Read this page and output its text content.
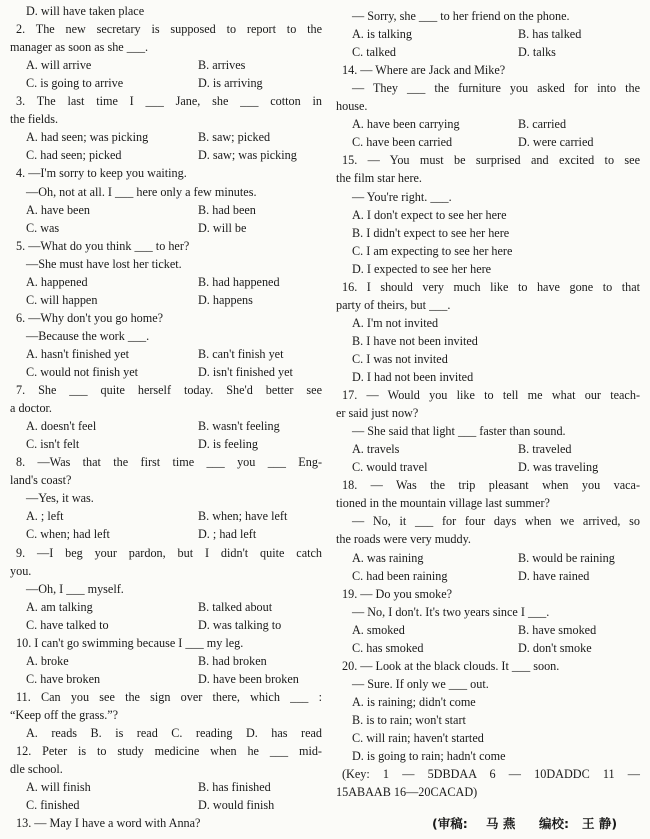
D. will have taken place
2. The new secretary is supposed to report to the
manager as soon as she ___.
A. will arrive	B. arrives
C. is going to arrive	D. is arriving
3. The last time I ___ Jane, she ___ cotton in
the fields.
A. had seen; was picking	B. saw; picked
C. had seen; picked	D. saw; was picking
4. —I'm sorry to keep you waiting.
—Oh, not at all. I ___ here only a few minutes.
A. have been	B. had been
C. was	D. will be
5. —What do you think ___ to her?
—She must have lost her ticket.
A. happened	B. had happened
C. will happen	D. happens
6. —Why don't you go home?
—Because the work ___.
A. hasn't finished yet	B. can't finish yet
C. would not finish yet	D. isn't finished yet
7. She ___ quite herself today. She'd better see
a doctor.
A. doesn't feel	B. wasn't feeling
C. isn't felt	D. is feeling
8. —Was that the first time ___ you ___ Eng-
land's coast?
—Yes, it was.
A. ; left	B. when; have left
C. when; had left	D. ; had left
9. —I beg your pardon, but I didn't quite catch
you.
—Oh, I ___ myself.
A. am talking	B. talked about
C. have talked to	D. was talking to
10. I can't go swimming because I ___ my leg.
A. broke	B. had broken
C. have broken	D. have been broken
11. Can you see the sign over there, which ___ :
“Keep off the grass.”?
A. reads B. is read C. reading D. has read
12. Peter is to study medicine when he ___ mid-
dle school.
A. will finish	B. has finished
C. finished	D. would finish
13. — May I have a word with Anna?
— Sorry, she ___ to her friend on the phone.
A. is talking	B. has talked
C. talked	D. talks
14. — Where are Jack and Mike?
— They ___ the furniture you asked for into the
house.
A. have been carrying	B. carried
C. have been carried	D. were carried
15. — You must be surprised and excited to see
the film star here.
— You're right. ___.
A. I don't expect to see her here
B. I didn't expect to see her here
C. I am expecting to see her here
D. I expected to see her here
16. I should very much like to have gone to that
party of theirs, but ___.
A. I'm not invited
B. I have not been invited
C. I was not invited
D. I had not been invited
17. — Would you like to tell me what our teach-
er said just now?
— She said that light ___ faster than sound.
A. travels	B. traveled
C. would travel	D. was traveling
18. — Was the trip pleasant when you vaca-
tioned in the mountain village last summer?
— No, it ___ for four days when we arrived, so
the roads were very muddy.
A. was raining	B. would be raining
C. had been raining	D. have rained
19. — Do you smoke?
— No, I don't. It's two years since I ___.
A. smoked	B. have smoked
C. has smoked	D. don't smoke
20. — Look at the black clouds. It ___ soon.
— Sure. If only we ___ out.
A. is raining; didn't come
B. is to rain; won't start
C. will rain; haven't started
D. is going to rain; hadn't come
(Key: 1 — 5DBDAA 6 — 10DADDC 11 —
15ABAAB 16—20CACAD)
(审稿: 马 燕 编校: 王 静)
